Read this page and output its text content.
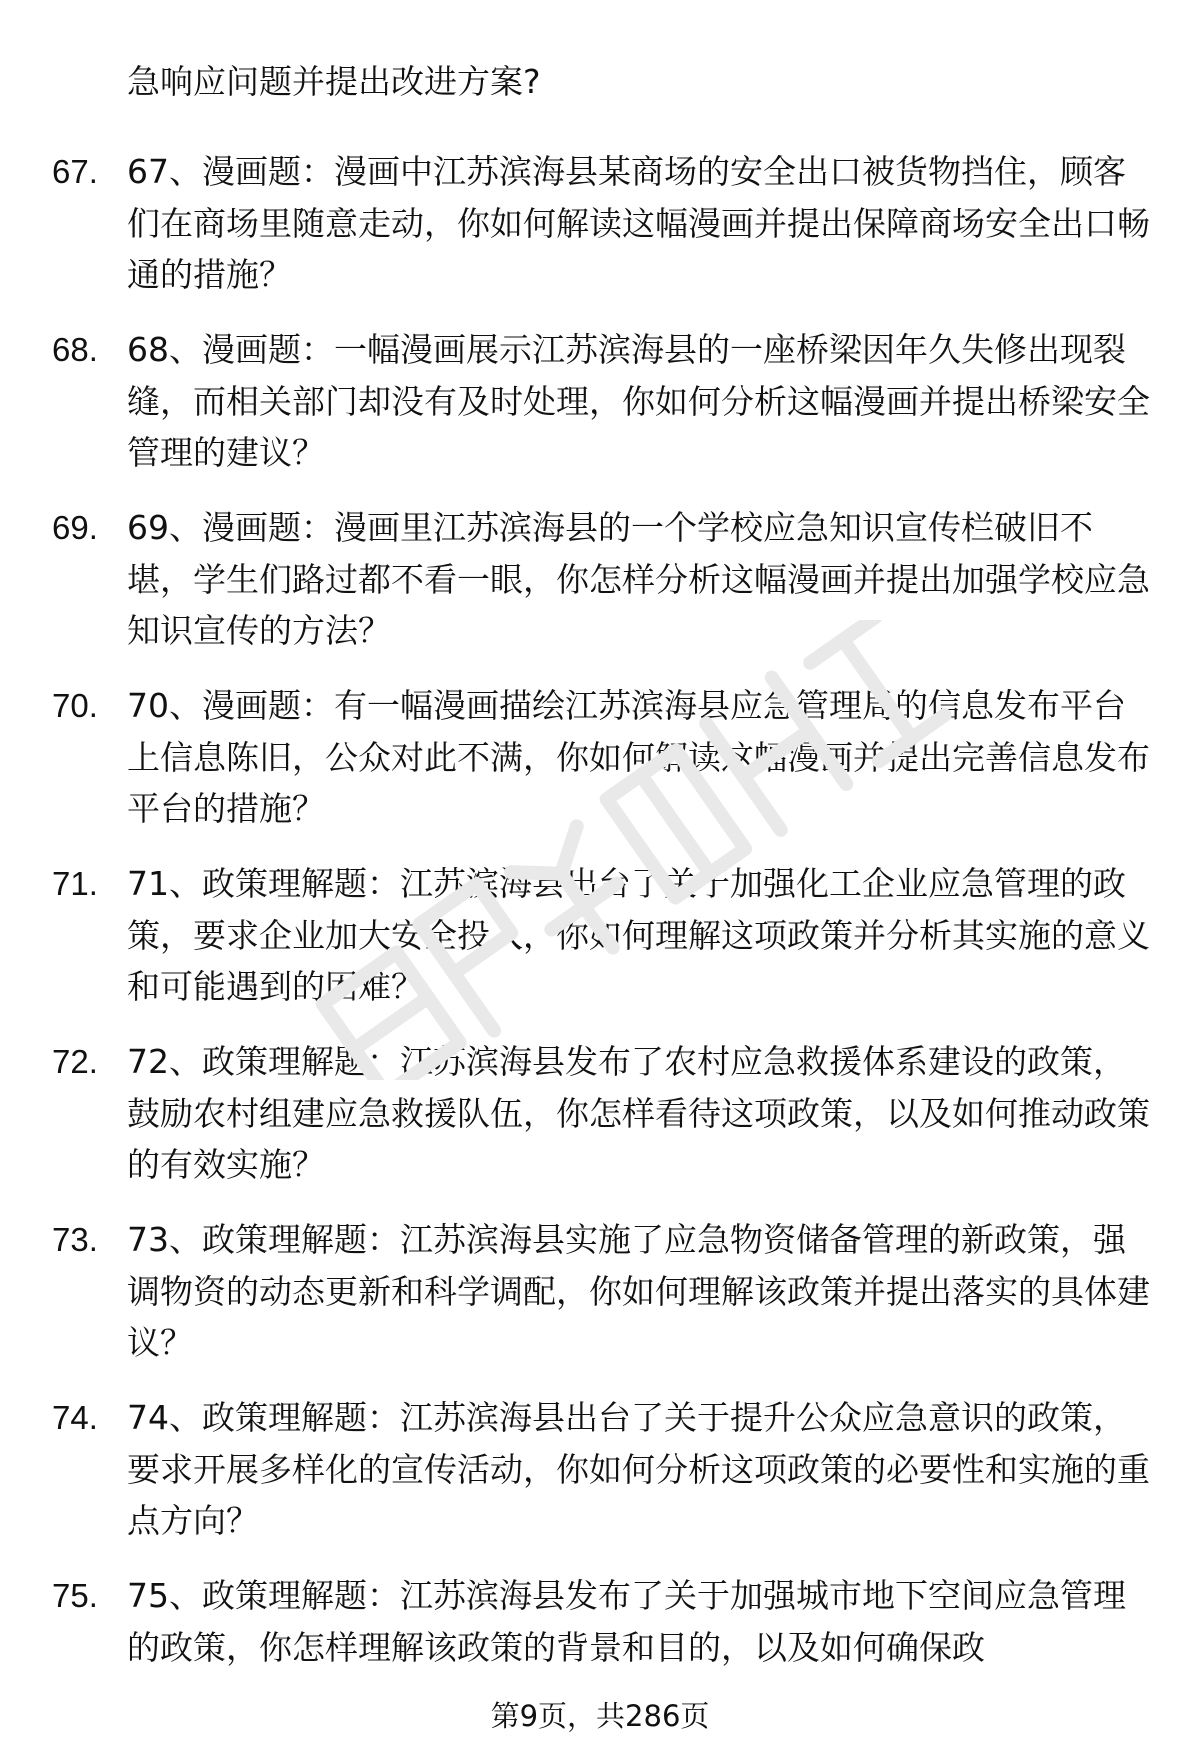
急响应问题并提出改进方案?
67. 67、漫画题：漫画中江苏滨海县某商场的安全出口被货物挡住，顾客们在商场里随意走动，你如何解读这幅漫画并提出保障商场安全出口畅通的措施？
68. 68、漫画题：一幅漫画展示江苏滨海县的一座桥梁因年久失修出现裂缝，而相关部门却没有及时处理，你如何分析这幅漫画并提出桥梁安全管理的建议？
69. 69、漫画题：漫画里江苏滨海县的一个学校应急知识宣传栏破旧不堪，学生们路过都不看一眼，你怎样分析这幅漫画并提出加强学校应急知识宣传的方法？
70. 70、漫画题：有一幅漫画描绘江苏滨海县应急管理局的信息发布平台上信息陈旧，公众对此不满，你如何解读这幅漫画并提出完善信息发布平台的措施？
71. 71、政策理解题：江苏滨海县出台了关于加强化工企业应急管理的政策，要求企业加大安全投入，你如何理解这项政策并分析其实施的意义和可能遇到的困难？
72. 72、政策理解题：江苏滨海县发布了农村应急救援体系建设的政策，鼓励农村组建应急救援队伍，你怎样看待这项政策，以及如何推动政策的有效实施？
73. 73、政策理解题：江苏滨海县实施了应急物资储备管理的新政策，强调物资的动态更新和科学调配，你如何理解该政策并提出落实的具体建议？
74. 74、政策理解题：江苏滨海县出台了关于提升公众应急意识的政策，要求开展多样化的宣传活动，你如何分析这项政策的必要性和实施的重点方向？
75. 75、政策理解题：江苏滨海县发布了关于加强城市地下空间应急管理的政策，你怎样理解该政策的背景和目的，以及如何确保政
第9页，共286页
